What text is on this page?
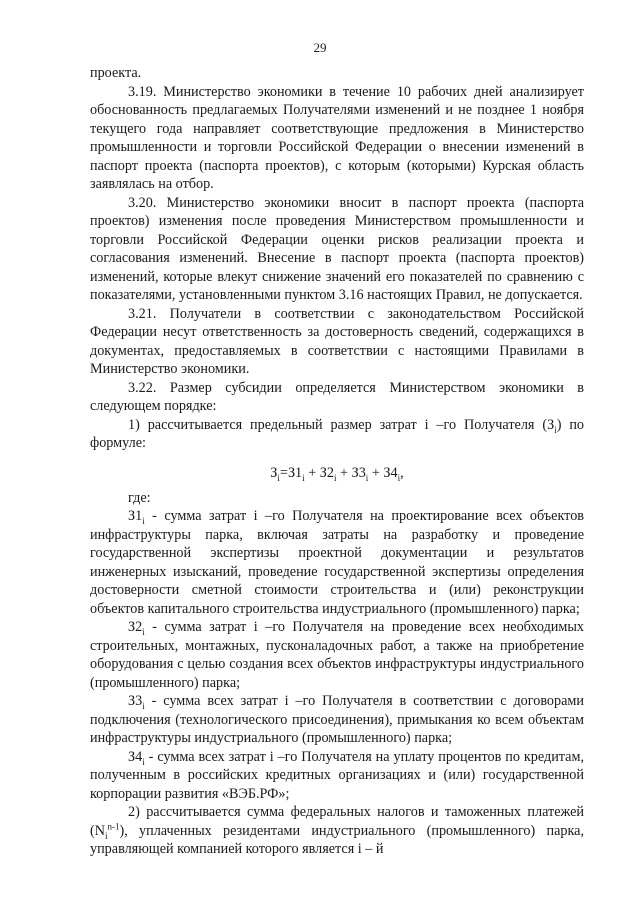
29

проекта.

3.19. Министерство экономики в течение 10 рабочих дней анализирует обоснованность предлагаемых Получателями изменений и не позднее 1 ноября текущего года направляет соответствующие предложения в Министерство промышленности и торговли Российской Федерации о внесении изменений в паспорт проекта (паспорта проектов), с которым (которыми) Курская область заявлялась на отбор.

3.20. Министерство экономики вносит в паспорт проекта (паспорта проектов) изменения после проведения Министерством промышленности и торговли Российской Федерации оценки рисков реализации проекта и согласования изменений. Внесение в паспорт проекта (паспорта проектов) изменений, которые влекут снижение значений его показателей по сравнению с показателями, установленными пунктом 3.16 настоящих Правил, не допускается.

3.21. Получатели в соответствии с законодательством Российской Федерации несут ответственность за достоверность сведений, содержащихся в документах, предоставляемых в соответствии с настоящими Правилами в Министерство экономики.

3.22. Размер субсидии определяется Министерством экономики в следующем порядке:

1) рассчитывается предельный размер затрат i –го Получателя $(З_i)$ по формуле:

$З_i=З1_i + З2_i + З3_i + З4_i$,

где:

$З1_i$ - сумма затрат i –го Получателя на проектирование всех объектов инфраструктуры парка, включая затраты на разработку и проведение государственной экспертизы проектной документации и результатов инженерных изысканий, проведение государственной экспертизы определения достоверности сметной стоимости строительства и (или) реконструкции объектов капитального строительства индустриального (промышленного) парка;

$З2_i$ - сумма затрат i –го Получателя на проведение всех необходимых строительных, монтажных, пусконаладочных работ, а также на приобретение оборудования с целью создания всех объектов инфраструктуры индустриального (промышленного) парка;

$З3_i$ - сумма всех затрат i –го Получателя в соответствии с договорами подключения (технологического присоединения), примыкания ко всем объектам инфраструктуры индустриального (промышленного) парка;

$З4_i$ - сумма всех затрат i –го Получателя на уплату процентов по кредитам, полученным в российских кредитных организациях и (или) государственной корпорации развития «ВЭБ.РФ»;

2) рассчитывается сумма федеральных налогов и таможенных платежей $(N_i^{n-1})$, уплаченных резидентами индустриального (промышленного) парка, управляющей компанией которого является i – й
